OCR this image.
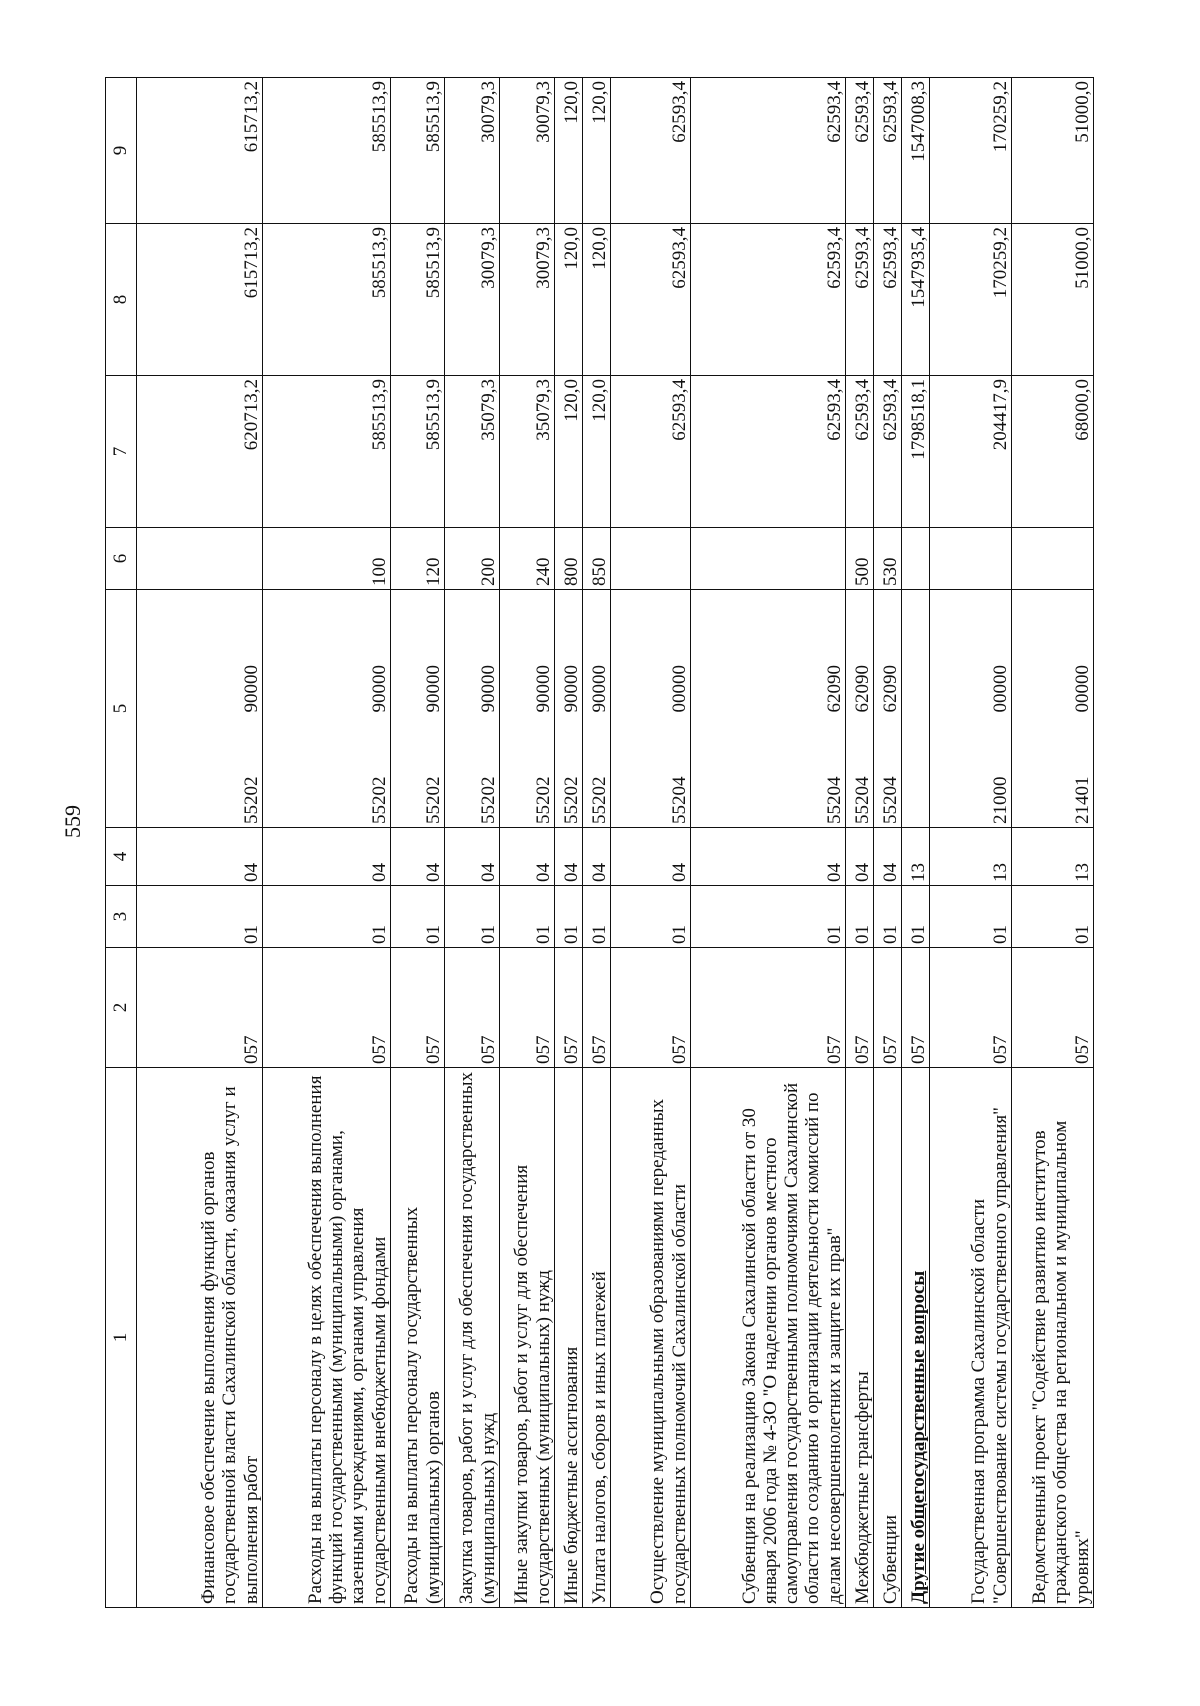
559
1	2	3	4	5		6	7	8	9
Финансовое обеспечение выполнения функций органов государственной власти Сахалинской области, оказания услуг и выполнения работ	057	01	04	55202	90000		620713,2	615713,2	615713,2
Расходы на выплаты персоналу в целях обеспечения выполнения функций государственными (муниципальными) органами, казенными учреждениями, органами управления государственными внебюджетными фондами	057	01	04	55202	90000	100	585513,9	585513,9	585513,9
Расходы на выплаты персоналу государственных (муниципальных) органов	057	01	04	55202	90000	120	585513,9	585513,9	585513,9
Закупка товаров, работ и услуг для обеспечения государственных (муниципальных) нужд	057	01	04	55202	90000	200	35079,3	30079,3	30079,3
Иные закупки товаров, работ и услуг для обеспечения государственных (муниципальных) нужд	057	01	04	55202	90000	240	35079,3	30079,3	30079,3
Иные бюджетные ассигнования	057	01	04	55202	90000	800	120,0	120,0	120,0
Уплата налогов, сборов и иных платежей	057	01	04	55202	90000	850	120,0	120,0	120,0
Осуществление муниципальными образованиями переданных государственных полномочий Сахалинской области	057	01	04	55204	00000		62593,4	62593,4	62593,4
Субвенция на реализацию Закона Сахалинской области от 30 января 2006 года № 4-ЗО "О наделении органов местного самоуправления государственными полномочиями Сахалинской области по созданию и организации деятельности комиссий по делам несовершеннолетних и защите их прав"	057	01	04	55204	62090		62593,4	62593,4	62593,4
Межбюджетные трансферты	057	01	04	55204	62090	500	62593,4	62593,4	62593,4
Субвенции	057	01	04	55204	62090	530	62593,4	62593,4	62593,4
Другие общегосударственные вопросы	057	01	13				1798518,1	1547935,4	1547008,3
Государственная программа Сахалинской области "Совершенствование системы государственного управления"	057	01	13	21000	00000		204417,9	170259,2	170259,2
Ведомственный проект "Содействие развитию институтов гражданского общества на региональном и муниципальном уровнях"	057	01	13	21401	00000		68000,0	51000,0	51000,0
